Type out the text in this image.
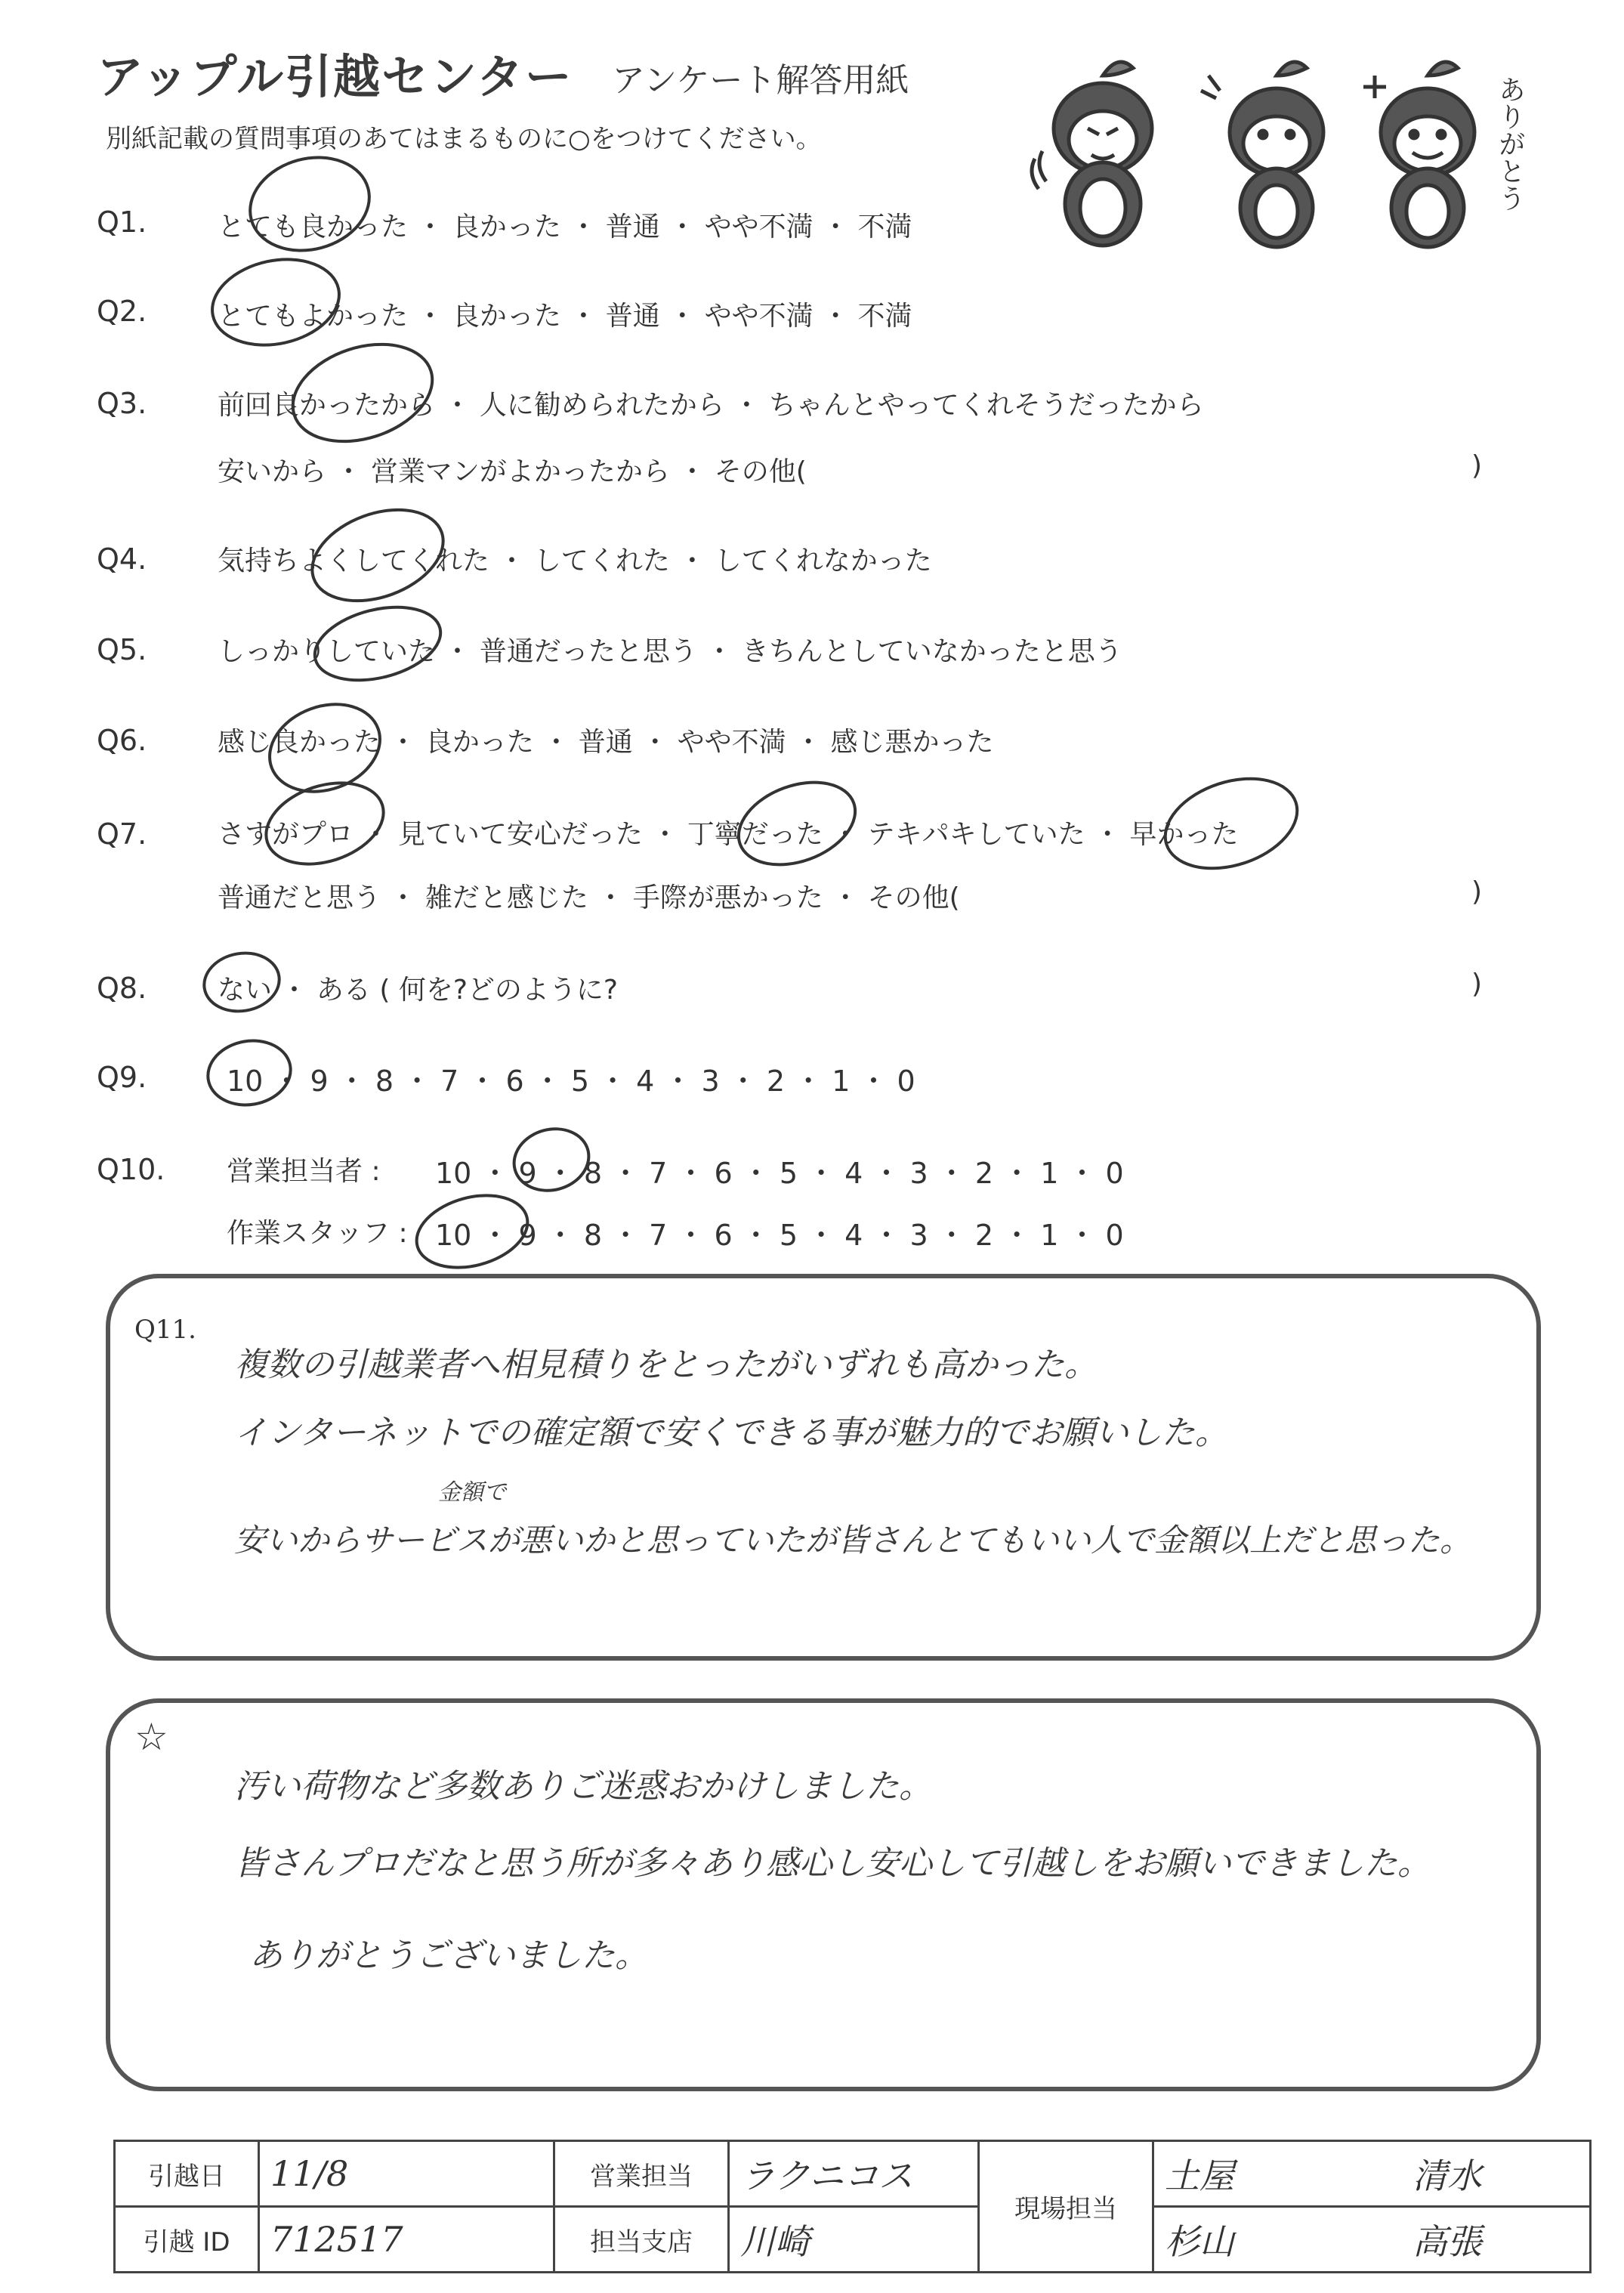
アップル引越センター アンケート解答用紙
別紙記載の質問事項のあてはまるものに○をつけてください。	ありがとう
Q1.	とても良かった ・ 良かった ・ 普通 ・ やや不満 ・ 不満
Q2.	とてもよかった ・ 良かった ・ 普通 ・ やや不満 ・ 不満
Q3.	前回良かったから ・ 人に勧められたから ・ ちゃんとやってくれそうだったから
安いから ・ 営業マンがよかったから ・ その他(	)
Q4.	気持ちよくしてくれた ・ してくれた ・ してくれなかった
Q5.	しっかりしていた ・ 普通だったと思う ・ きちんとしていなかったと思う
Q6.	感じ良かった ・ 良かった ・ 普通 ・ やや不満 ・ 感じ悪かった
Q7.	さすがプロ ・ 見ていて安心だった ・ 丁寧だった ・ テキパキしていた ・ 早かった
普通だと思う ・ 雑だと感じた ・ 手際が悪かった ・ その他(	)
Q8.	ない ・ ある ( 何を?どのように?	)
Q9.	10 ・ 9 ・ 8 ・ 7 ・ 6 ・ 5 ・ 4 ・ 3 ・ 2 ・ 1 ・ 0
Q10. 営業担当者 : 10 ・ 9 ・ 8 ・ 7 ・ 6 ・ 5 ・ 4 ・ 3 ・ 2 ・ 1 ・ 0
作業スタッフ : 10 ・ 9 ・ 8 ・ 7 ・ 6 ・ 5 ・ 4 ・ 3 ・ 2 ・ 1 ・ 0
Q11.
複数の引越業者へ相見積りをとったがいずれも高かった。
インターネットでの確定額で安くできる事が魅力的でお願いした。
金額で
安いからサービスが悪いかと思っていたが皆さんとてもいい人で金額以上だと思った。
☆
汚い荷物など多数ありご迷惑おかけしました。
皆さんプロだなと思う所が多々あり感心し安心して引越しをお願いできました。
ありがとうございました。
引越日	11/8	営業担当	ラクニコス	現場担当	土屋	清水
引越 ID	712517	担当支店	川崎		杉山	高張
